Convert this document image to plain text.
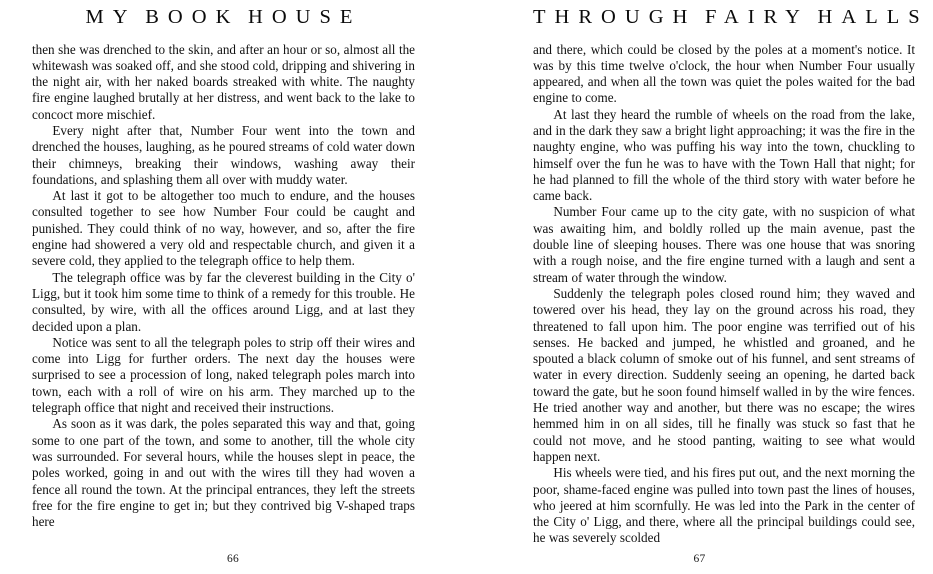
MY BOOK HOUSE

then she was drenched to the skin, and after an hour or so, almost all the whitewash was soaked off, and she stood cold, dripping and shivering in the night air, with her naked boards streaked with white. The naughty fire engine laughed brutally at her distress, and went back to the lake to concoct more mischief.

Every night after that, Number Four went into the town and drenched the houses, laughing, as he poured streams of cold water down their chimneys, breaking their windows, washing away their foundations, and splashing them all over with muddy water.

At last it got to be altogether too much to endure, and the houses consulted together to see how Number Four could be caught and punished. They could think of no way, however, and so, after the fire engine had showered a very old and respectable church, and given it a severe cold, they applied to the telegraph office to help them.

The telegraph office was by far the cleverest building in the City o' Ligg, but it took him some time to think of a remedy for this trouble. He consulted, by wire, with all the offices around Ligg, and at last they decided upon a plan.

Notice was sent to all the telegraph poles to strip off their wires and come into Ligg for further orders. The next day the houses were surprised to see a procession of long, naked telegraph poles march into town, each with a roll of wire on his arm. They marched up to the telegraph office that night and received their instructions.

As soon as it was dark, the poles separated this way and that, going some to one part of the town, and some to another, till the whole city was surrounded. For several hours, while the houses slept in peace, the poles worked, going in and out with the wires till they had woven a fence all round the town. At the principal entrances, they left the streets free for the fire engine to get in; but they contrived big V-shaped traps here

66
THROUGH FAIRY HALLS

and there, which could be closed by the poles at a moment's notice. It was by this time twelve o'clock, the hour when Number Four usually appeared, and when all the town was quiet the poles waited for the bad engine to come.

At last they heard the rumble of wheels on the road from the lake, and in the dark they saw a bright light approaching; it was the fire in the naughty engine, who was puffing his way into the town, chuckling to himself over the fun he was to have with the Town Hall that night; for he had planned to fill the whole of the third story with water before he came back.

Number Four came up to the city gate, with no suspicion of what was awaiting him, and boldly rolled up the main avenue, past the double line of sleeping houses. There was one house that was snoring with a rough noise, and the fire engine turned with a laugh and sent a stream of water through the window.

Suddenly the telegraph poles closed round him; they waved and towered over his head, they lay on the ground across his road, they threatened to fall upon him. The poor engine was terrified out of his senses. He backed and jumped, he whistled and groaned, and he spouted a black column of smoke out of his funnel, and sent streams of water in every direction. Suddenly seeing an opening, he darted back toward the gate, but he soon found himself walled in by the wire fences. He tried another way and another, but there was no escape; the wires hemmed him in on all sides, till he finally was stuck so fast that he could not move, and he stood panting, waiting to see what would happen next.

His wheels were tied, and his fires put out, and the next morning the poor, shame-faced engine was pulled into town past the lines of houses, who jeered at him scornfully. He was led into the Park in the center of the City o' Ligg, and there, where all the principal buildings could see, he was severely scolded

67
